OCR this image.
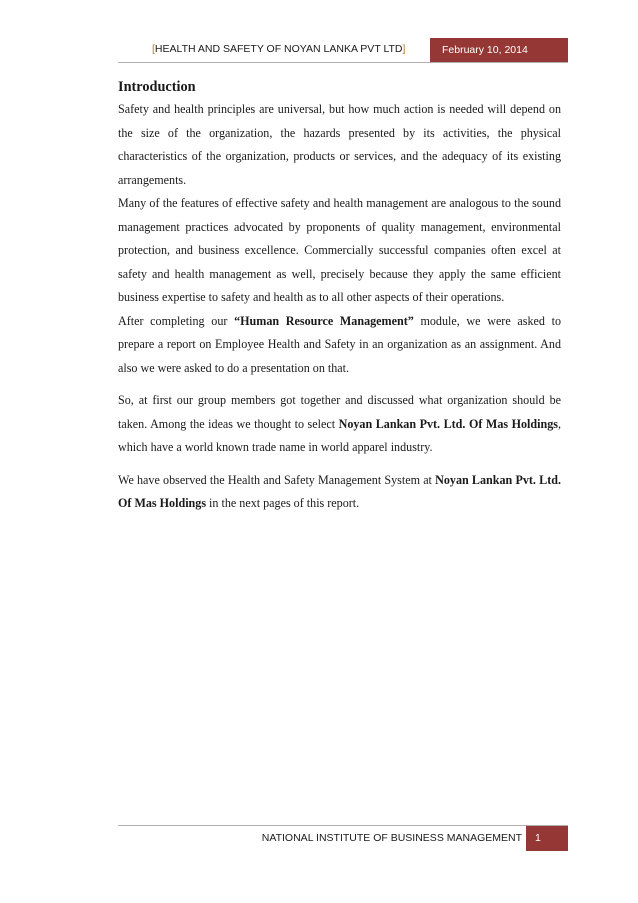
[HEALTH AND SAFETY OF NOYAN LANKA PVT LTD]	February 10, 2014
Introduction

Safety and health principles are universal, but how much action is needed will depend on the size of the organization, the hazards presented by its activities, the physical characteristics of the organization, products or services, and the adequacy of its existing arrangements.

Many of the features of effective safety and health management are analogous to the sound management practices advocated by proponents of quality management, environmental protection, and business excellence. Commercially successful companies often excel at safety and health management as well, precisely because they apply the same efficient business expertise to safety and health as to all other aspects of their operations.

After completing our “Human Resource Management” module, we were asked to prepare a report on Employee Health and Safety in an organization as an assignment. And also we were asked to do a presentation on that.

So, at first our group members got together and discussed what organization should be taken. Among the ideas we thought to select Noyan Lankan Pvt. Ltd. Of Mas Holdings, which have a world known trade name in world apparel industry.

We have observed the Health and Safety Management System at Noyan Lankan Pvt. Ltd. Of Mas Holdings in the next pages of this report.

NATIONAL INSTITUTE OF BUSINESS MANAGEMENT	1
